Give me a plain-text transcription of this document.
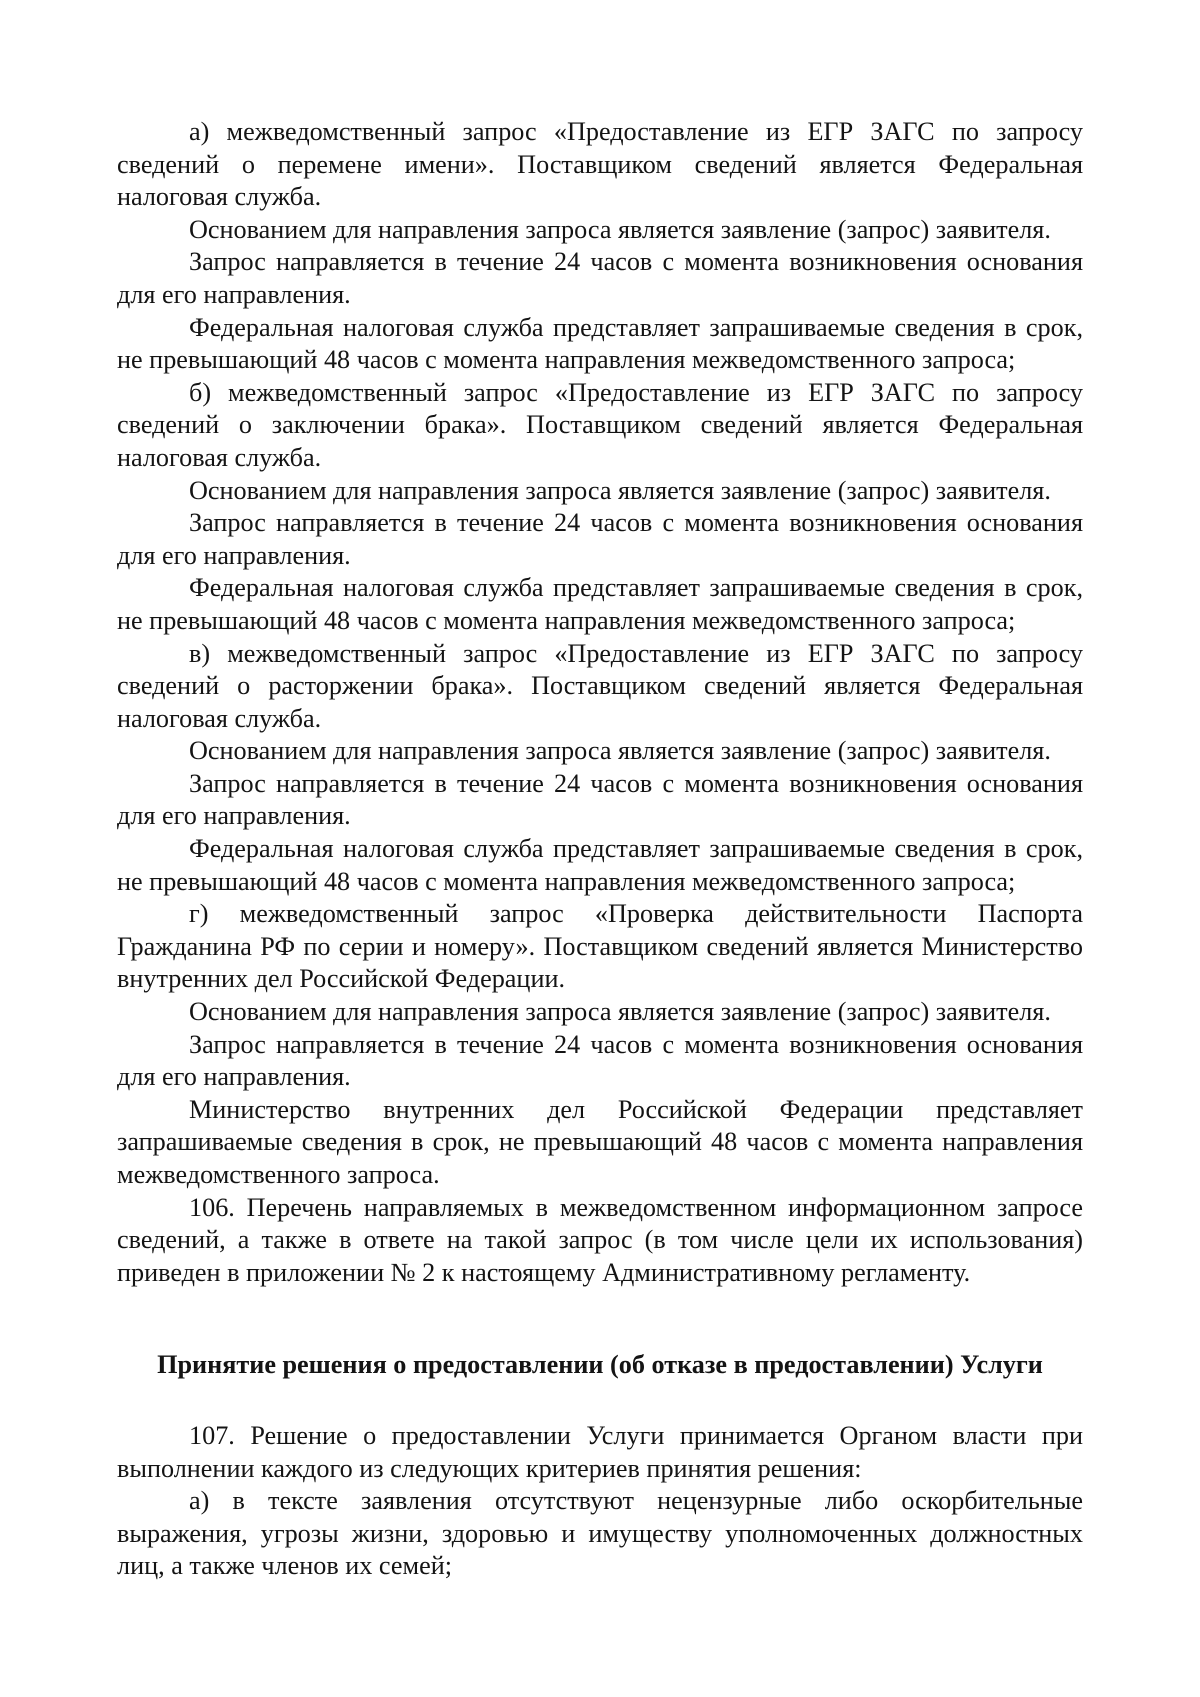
а) межведомственный запрос «Предоставление из ЕГР ЗАГС по запросу сведений о перемене имени». Поставщиком сведений является Федеральная налоговая служба.

Основанием для направления запроса является заявление (запрос) заявителя.

Запрос направляется в течение 24 часов с момента возникновения основания для его направления.

Федеральная налоговая служба представляет запрашиваемые сведения в срок, не превышающий 48 часов с момента направления межведомственного запроса;

б) межведомственный запрос «Предоставление из ЕГР ЗАГС по запросу сведений о заключении брака». Поставщиком сведений является Федеральная налоговая служба.

Основанием для направления запроса является заявление (запрос) заявителя.

Запрос направляется в течение 24 часов с момента возникновения основания для его направления.

Федеральная налоговая служба представляет запрашиваемые сведения в срок, не превышающий 48 часов с момента направления межведомственного запроса;

в) межведомственный запрос «Предоставление из ЕГР ЗАГС по запросу сведений о расторжении брака». Поставщиком сведений является Федеральная налоговая служба.

Основанием для направления запроса является заявление (запрос) заявителя.

Запрос направляется в течение 24 часов с момента возникновения основания для его направления.

Федеральная налоговая служба представляет запрашиваемые сведения в срок, не превышающий 48 часов с момента направления межведомственного запроса;

г) межведомственный запрос «Проверка действительности Паспорта Гражданина РФ по серии и номеру». Поставщиком сведений является Министерство внутренних дел Российской Федерации.

Основанием для направления запроса является заявление (запрос) заявителя.

Запрос направляется в течение 24 часов с момента возникновения основания для его направления.

Министерство внутренних дел Российской Федерации представляет запрашиваемые сведения в срок, не превышающий 48 часов с момента направления межведомственного запроса.

106. Перечень направляемых в межведомственном информационном запросе сведений, а также в ответе на такой запрос (в том числе цели их использования) приведен в приложении № 2 к настоящему Административному регламенту.

Принятие решения о предоставлении (об отказе в предоставлении) Услуги

107. Решение о предоставлении Услуги принимается Органом власти при выполнении каждого из следующих критериев принятия решения:

а) в тексте заявления отсутствуют нецензурные либо оскорбительные выражения, угрозы жизни, здоровью и имуществу уполномоченных должностных лиц, а также членов их семей;
